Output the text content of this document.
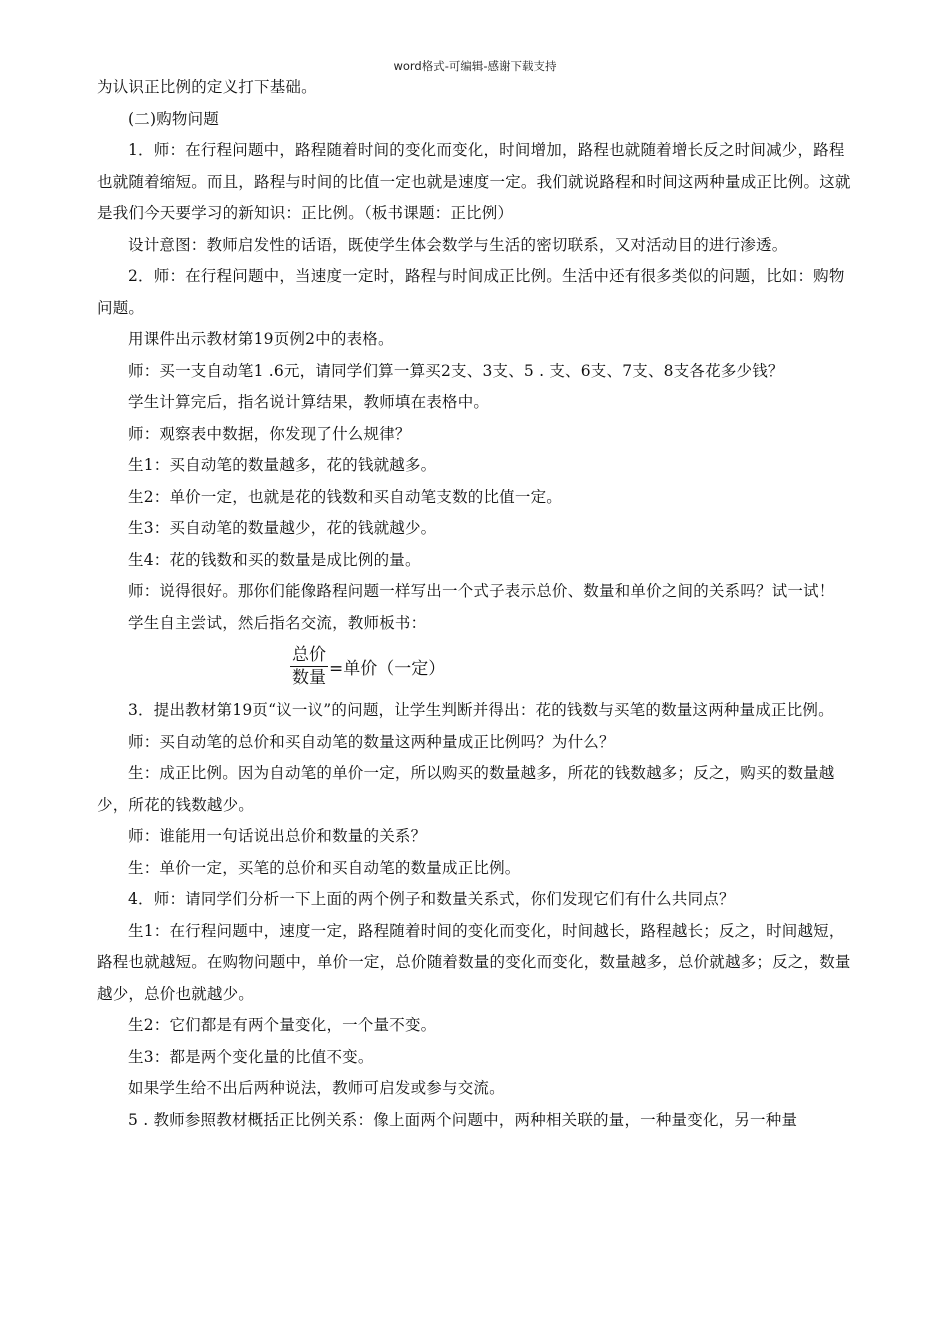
word格式-可编辑-感谢下载支持

为认识正比例的定义打下基础。

(二)购物问题

1．师：在行程问题中，路程随着时间的变化而变化，时间增加，路程也就随着增长反之时间减少，路程也就随着缩短。而且，路程与时间的比值一定也就是速度一定。我们就说路程和时间这两种量成正比例。这就是我们今天要学习的新知识：正比例。（板书课题：正比例）

设计意图：教师启发性的话语，既使学生体会数学与生活的密切联系，又对活动目的进行渗透。

2．师：在行程问题中，当速度一定时，路程与时间成正比例。生活中还有很多类似的问题，比如：购物问题。

用课件出示教材第19页例2中的表格。

师：买一支自动笔1 .6元，请同学们算一算买2支、3支、5 . 支、6支、7支、8支各花多少钱？

学生计算完后，指名说计算结果，教师填在表格中。

师：观察表中数据，你发现了什么规律？

生1：买自动笔的数量越多，花的钱就越多。

生2：单价一定，也就是花的钱数和买自动笔支数的比值一定。

生3：买自动笔的数量越少，花的钱就越少。

生4：花的钱数和买的数量是成比例的量。

师：说得很好。那你们能像路程问题一样写出一个式子表示总价、数量和单价之间的关系吗？试一试！

学生自主尝试，然后指名交流，教师板书：

$\frac{\text{总价}}{\text{数量}}$ =单价（一定）

3．提出教材第19页“议一议”的问题，让学生判断并得出：花的钱数与买笔的数量这两种量成正比例。

师：买自动笔的总价和买自动笔的数量这两种量成正比例吗？为什么？

生：成正比例。因为自动笔的单价一定，所以购买的数量越多，所花的钱数越多；反之，购买的数量越少，所花的钱数越少。

师：谁能用一句话说出总价和数量的关系？

生：单价一定，买笔的总价和买自动笔的数量成正比例。

4．师：请同学们分析一下上面的两个例子和数量关系式，你们发现它们有什么共同点？

生1：在行程问题中，速度一定，路程随着时间的变化而变化，时间越长，路程越长；反之，时间越短，路程也就越短。在购物问题中，单价一定，总价随着数量的变化而变化，数量越多，总价就越多；反之，数量越少，总价也就越少。

生2：它们都是有两个量变化，一个量不变。

生3：都是两个变化量的比值不变。

如果学生给不出后两种说法，教师可启发或参与交流。

5 . 教师参照教材概括正比例关系：像上面两个问题中，两种相关联的量，一种量变化，另一种量
